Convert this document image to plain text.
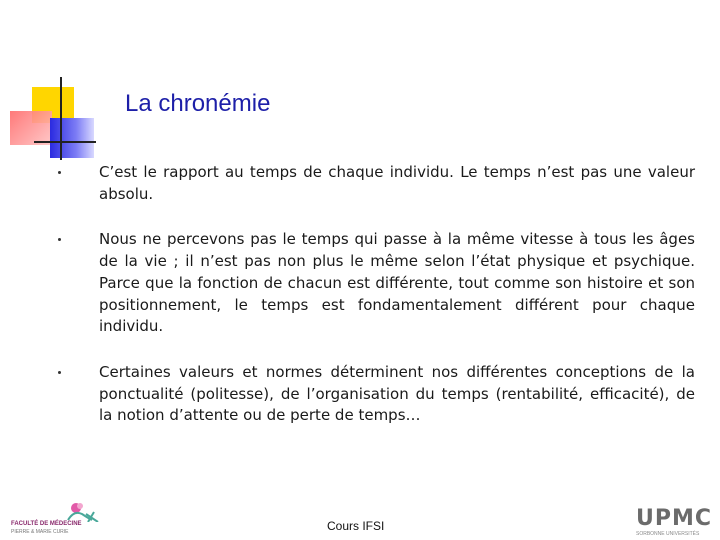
La chronémie
C’est le rapport au temps de chaque individu. Le temps n’est pas une valeur absolu.
Nous ne percevons pas le temps qui passe à la même vitesse à tous les âges de la vie ; il n’est pas non plus le même selon l’état physique et psychique. Parce que la fonction de chacun est différente, tout comme son histoire et son positionnement, le temps est fondamentalement différent pour chaque individu.
Certaines valeurs et normes déterminent nos différentes conceptions de la ponctualité (politesse), de l’organisation du temps (rentabilité, efficacité), de la notion d’attente ou de perte de temps…
FACULTÉ DE MÉDECINE
PIERRE & MARIE CURIE	Cours IFSI	UPMC
SORBONNE UNIVERSITÉS
